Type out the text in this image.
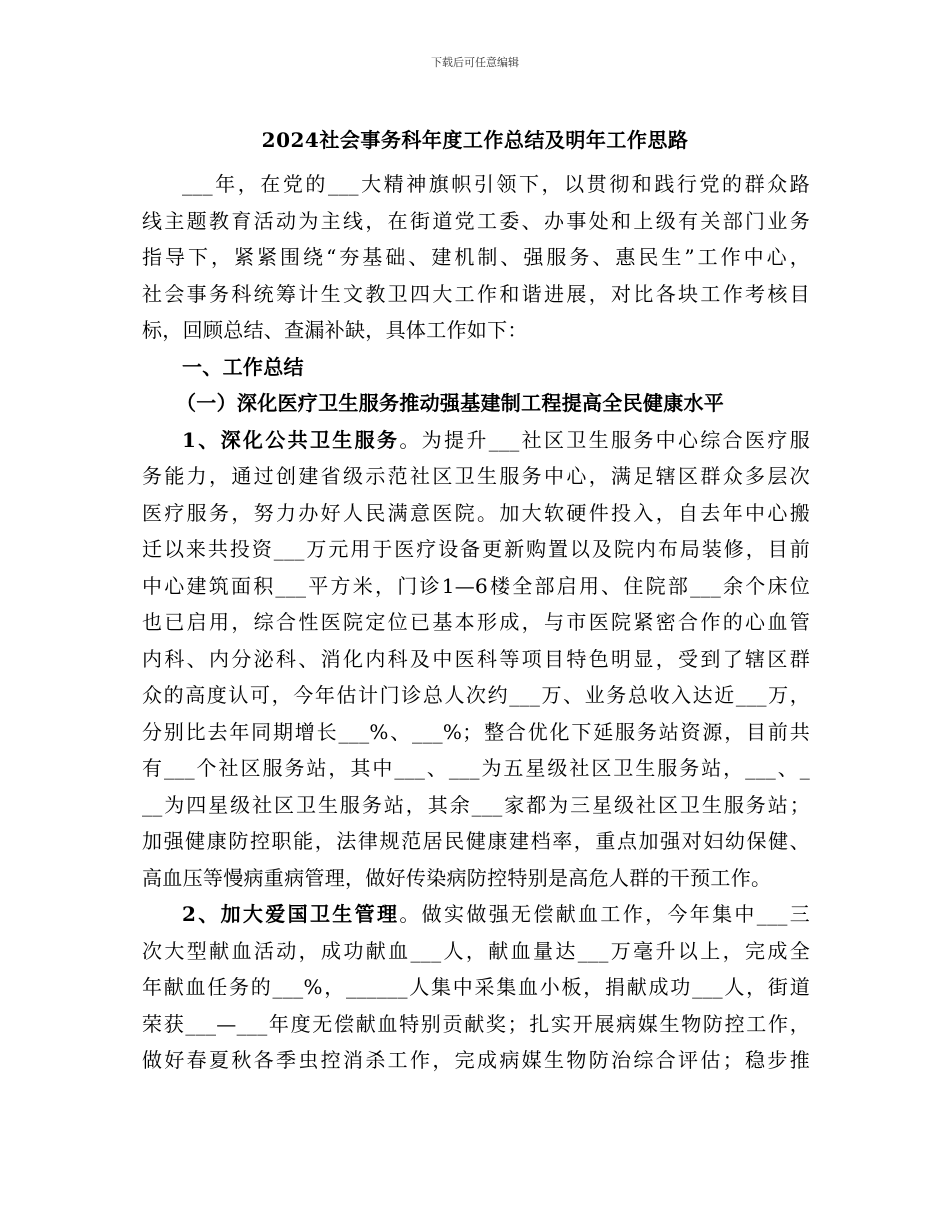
下载后可任意编辑
2024社会事务科年度工作总结及明年工作思路
___年，在党的___大精神旗帜引领下，以贯彻和践行党的群众路
线主题教育活动为主线，在街道党工委、办事处和上级有关部门业务
指导下，紧紧围绕“夯基础、建机制、强服务、惠民生”工作中心，
社会事务科统筹计生文教卫四大工作和谐进展，对比各块工作考核目
标，回顾总结、查漏补缺，具体工作如下：
一、工作总结
（一）深化医疗卫生服务推动强基建制工程提高全民健康水平
1、深化公共卫生服务。为提升___社区卫生服务中心综合医疗服
务能力，通过创建省级示范社区卫生服务中心，满足辖区群众多层次
医疗服务，努力办好人民满意医院。加大软硬件投入，自去年中心搬
迁以来共投资___万元用于医疗设备更新购置以及院内布局装修，目前
中心建筑面积___平方米，门诊1—6楼全部启用、住院部___余个床位
也已启用，综合性医院定位已基本形成，与市医院紧密合作的心血管
内科、内分泌科、消化内科及中医科等项目特色明显，受到了辖区群
众的高度认可，今年估计门诊总人次约___万、业务总收入达近___万，
分别比去年同期增长___%、___%；整合优化下延服务站资源，目前共
有___个社区服务站，其中___、___为五星级社区卫生服务站，___、_
__为四星级社区卫生服务站，其余___家都为三星级社区卫生服务站；
加强健康防控职能，法律规范居民健康建档率，重点加强对妇幼保健、
高血压等慢病重病管理，做好传染病防控特别是高危人群的干预工作。
2、加大爱国卫生管理。做实做强无偿献血工作，今年集中___三
次大型献血活动，成功献血___人，献血量达___万毫升以上，完成全
年献血任务的___%，______人集中采集血小板，捐献成功___人，街道
荣获___—___年度无偿献血特别贡献奖；扎实开展病媒生物防控工作，
做好春夏秋各季虫控消杀工作，完成病媒生物防治综合评估；稳步推
